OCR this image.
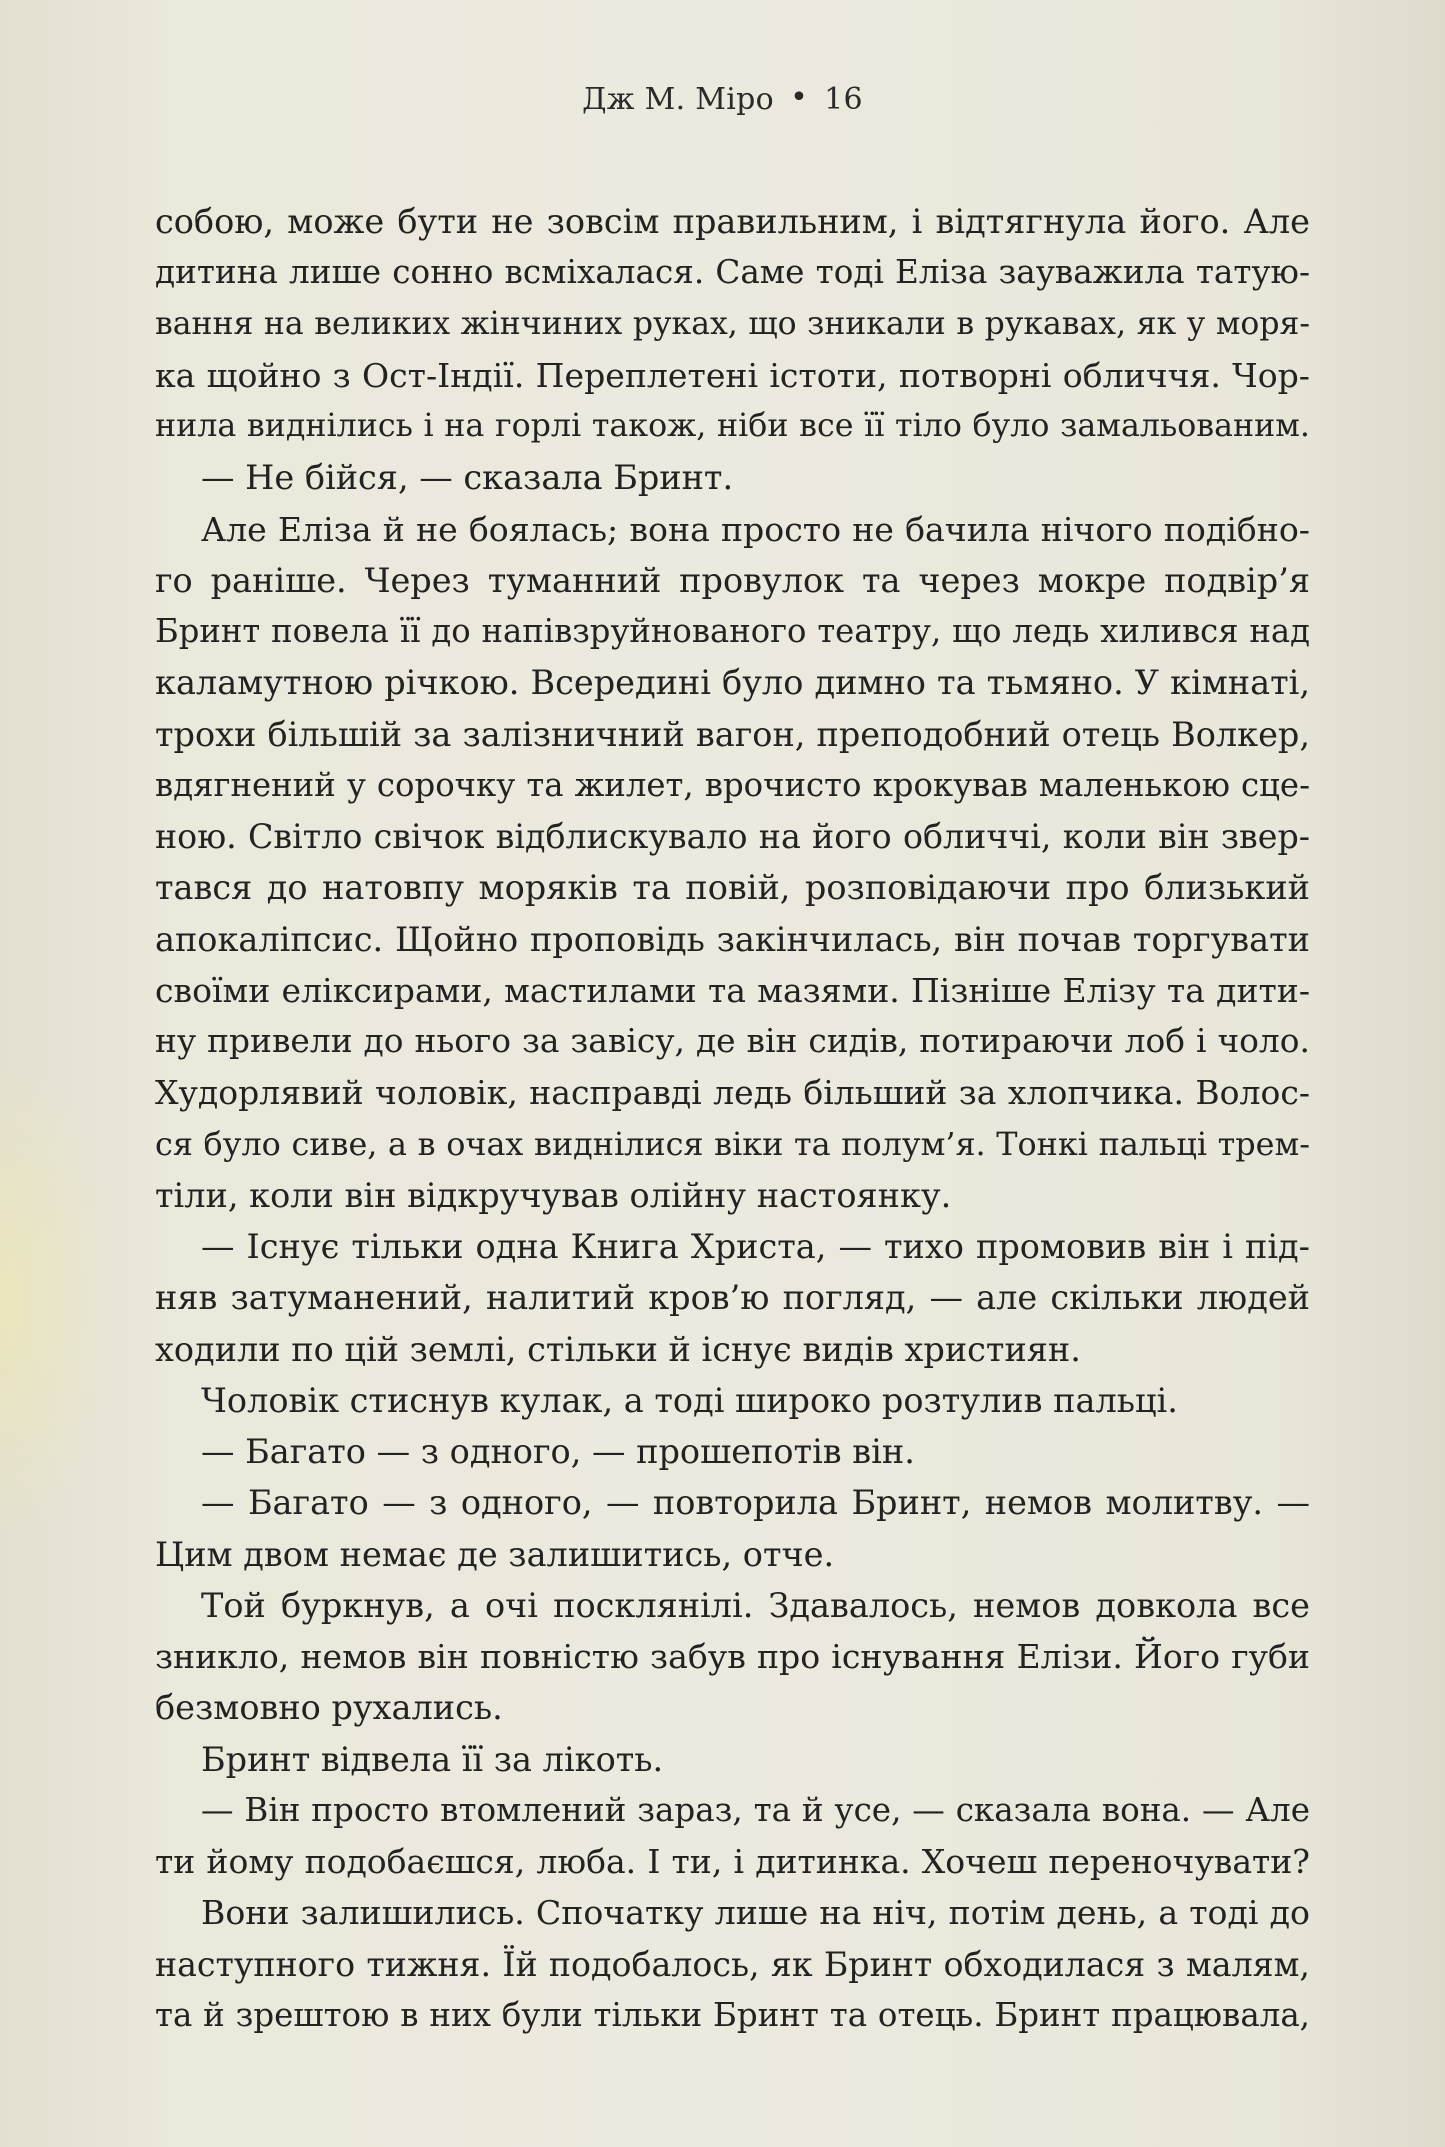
Дж М. Міро • 16
собою, може бути не зовсім правильним, і відтягнула його. Але
дитина лише сонно всміхалася. Саме тоді Еліза зауважила татую-
вання на великих жінчиних руках, що зникали в рукавах, як у моря-
ка щойно з Ост-Індії. Переплетені істоти, потворні обличчя. Чор-
нила виднілись і на горлі також, ніби все її тіло було замальованим.
— Не бійся, — сказала Бринт.
Але Еліза й не боялась; вона просто не бачила нічого подібно-
го раніше. Через туманний провулок та через мокре подвір’я
Бринт повела її до напівзруйнованого театру, що ледь хилився над
каламутною річкою. Всередині було димно та тьмяно. У кімнаті,
трохи більшій за залізничний вагон, преподобний отець Волкер,
вдягнений у сорочку та жилет, врочисто крокував маленькою сце-
ною. Світло свічок відблискувало на його обличчі, коли він звер-
тався до натовпу моряків та повій, розповідаючи про близький
апокаліпсис. Щойно проповідь закінчилась, він почав торгувати
своїми еліксирами, мастилами та мазями. Пізніше Елізу та дити-
ну привели до нього за завісу, де він сидів, потираючи лоб і чоло.
Худорлявий чоловік, насправді ледь більший за хлопчика. Волос-
ся було сиве, а в очах виднілися віки та полум’я. Тонкі пальці трем-
тіли, коли він відкручував олійну настоянку.
— Існує тільки одна Книга Христа, — тихо промовив він і під-
няв затуманений, налитий кров’ю погляд, — але скільки людей
ходили по цій землі, стільки й існує видів християн.
Чоловік стиснув кулак, а тоді широко розтулив пальці.
— Багато — з одного, — прошепотів він.
— Багато — з одного, — повторила Бринт, немов молитву. —
Цим двом немає де залишитись, отче.
Той буркнув, а очі посклянілі. Здавалось, немов довкола все
зникло, немов він повністю забув про існування Елізи. Його губи
безмовно рухались.
Бринт відвела її за лікоть.
— Він просто втомлений зараз, та й усе, — сказала вона. — Але
ти йому подобаєшся, люба. І ти, і дитинка. Хочеш переночувати?
Вони залишились. Спочатку лише на ніч, потім день, а тоді до
наступного тижня. Їй подобалось, як Бринт обходилася з малям,
та й зрештою в них були тільки Бринт та отець. Бринт працювала,
